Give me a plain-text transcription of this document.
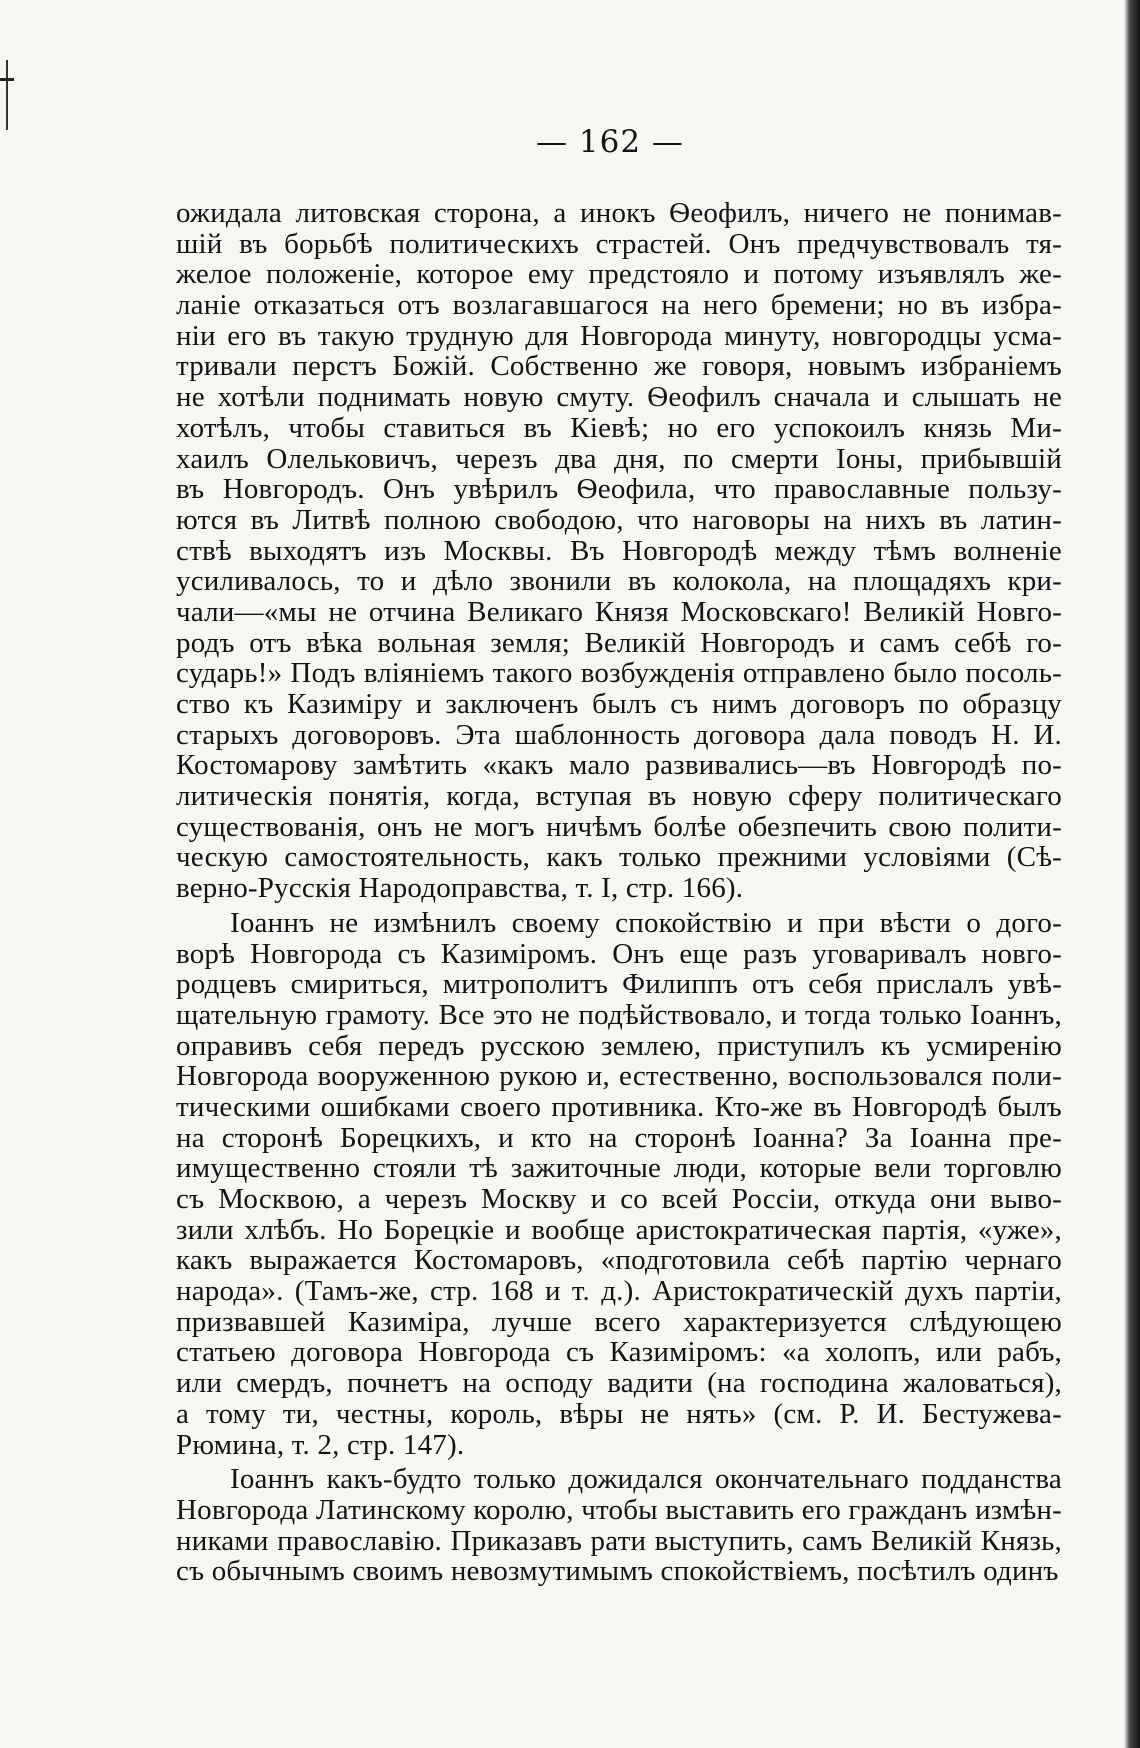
— 162 —
ожидала литовская сторона, а инокъ Ѳеофилъ, ничего не понимав-
шій въ борьбѣ политическихъ страстей. Онъ предчувствовалъ тя-
желое положеніе, которое ему предстояло и потому изъявлялъ же-
ланіе отказаться отъ возлагавшагося на него бремени; но въ избра-
ніи его въ такую трудную для Новгорода минуту, новгородцы усма-
тривали перстъ Божій. Собственно же говоря, новымъ избраніемъ
не хотѣли поднимать новую смуту. Ѳеофилъ сначала и слышать не
хотѣлъ, чтобы ставиться въ Кіевѣ; но его успокоилъ князь Ми-
хаилъ Олельковичъ, черезъ два дня, по смерти Іоны, прибывшій
въ Новгородъ. Онъ увѣрилъ Ѳеофила, что православные пользу-
ются въ Литвѣ полною свободою, что наговоры на нихъ въ латин-
ствѣ выходятъ изъ Москвы. Въ Новгородѣ между тѣмъ волненіе
усиливалось, то и дѣло звонили въ колокола, на площадяхъ кри-
чали—«мы не отчина Великаго Князя Московскаго! Великій Новго-
родъ отъ вѣка вольная земля; Великій Новгородъ и самъ себѣ го-
сударь!» Подъ вліяніемъ такого возбужденія отправлено было посоль-
ство къ Казиміру и заключенъ былъ съ нимъ договоръ по образцу
старыхъ договоровъ. Эта шаблонность договора дала поводъ Н. И.
Костомарову замѣтить «какъ мало развивались—въ Новгородѣ по-
литическія понятія, когда, вступая въ новую сферу политическаго
существованія, онъ не могъ ничѣмъ болѣе обезпечить свою полити-
ческую самостоятельность, какъ только прежними условіями (Сѣ-
верно-Русскія Народоправства, т. I, стр. 166).
Іоаннъ не измѣнилъ своему спокойствію и при вѣсти о дого-
ворѣ Новгорода съ Казиміромъ. Онъ еще разъ уговаривалъ новго-
родцевъ смириться, митрополитъ Филиппъ отъ себя прислалъ увѣ-
щательную грамоту. Все это не подѣйствовало, и тогда только Іоаннъ,
оправивъ себя передъ русскою землею, приступилъ къ усмиренію
Новгорода вооруженною рукою и, естественно, воспользовался поли-
тическими ошибками своего противника. Кто-же въ Новгородѣ былъ
на сторонѣ Борецкихъ, и кто на сторонѣ Іоанна? За Іоанна пре-
имущественно стояли тѣ зажиточные люди, которые вели торговлю
съ Москвою, а черезъ Москву и со всей Россіи, откуда они выво-
зили хлѣбъ. Но Борецкіе и вообще аристократическая партія, «уже»,
какъ выражается Костомаровъ, «подготовила себѣ партію чернаго
народа». (Тамъ-же, стр. 168 и т. д.). Аристократическій духъ партіи,
призвавшей Казиміра, лучше всего характеризуется слѣдующею
статьею договора Новгорода съ Казиміромъ: «а холопъ, или рабъ,
или смердъ, почнетъ на осподу вадити (на господина жаловаться),
а тому ти, честны, король, вѣры не нять» (см. Р. И. Бестужева-
Рюмина, т. 2, стр. 147).
Іоаннъ какъ-будто только дожидался окончательнаго подданства
Новгорода Латинскому королю, чтобы выставить его гражданъ измѣн-
никами православію. Приказавъ рати выступить, самъ Великій Князь,
съ обычнымъ своимъ невозмутимымъ спокойствіемъ, посѣтилъ одинъ
